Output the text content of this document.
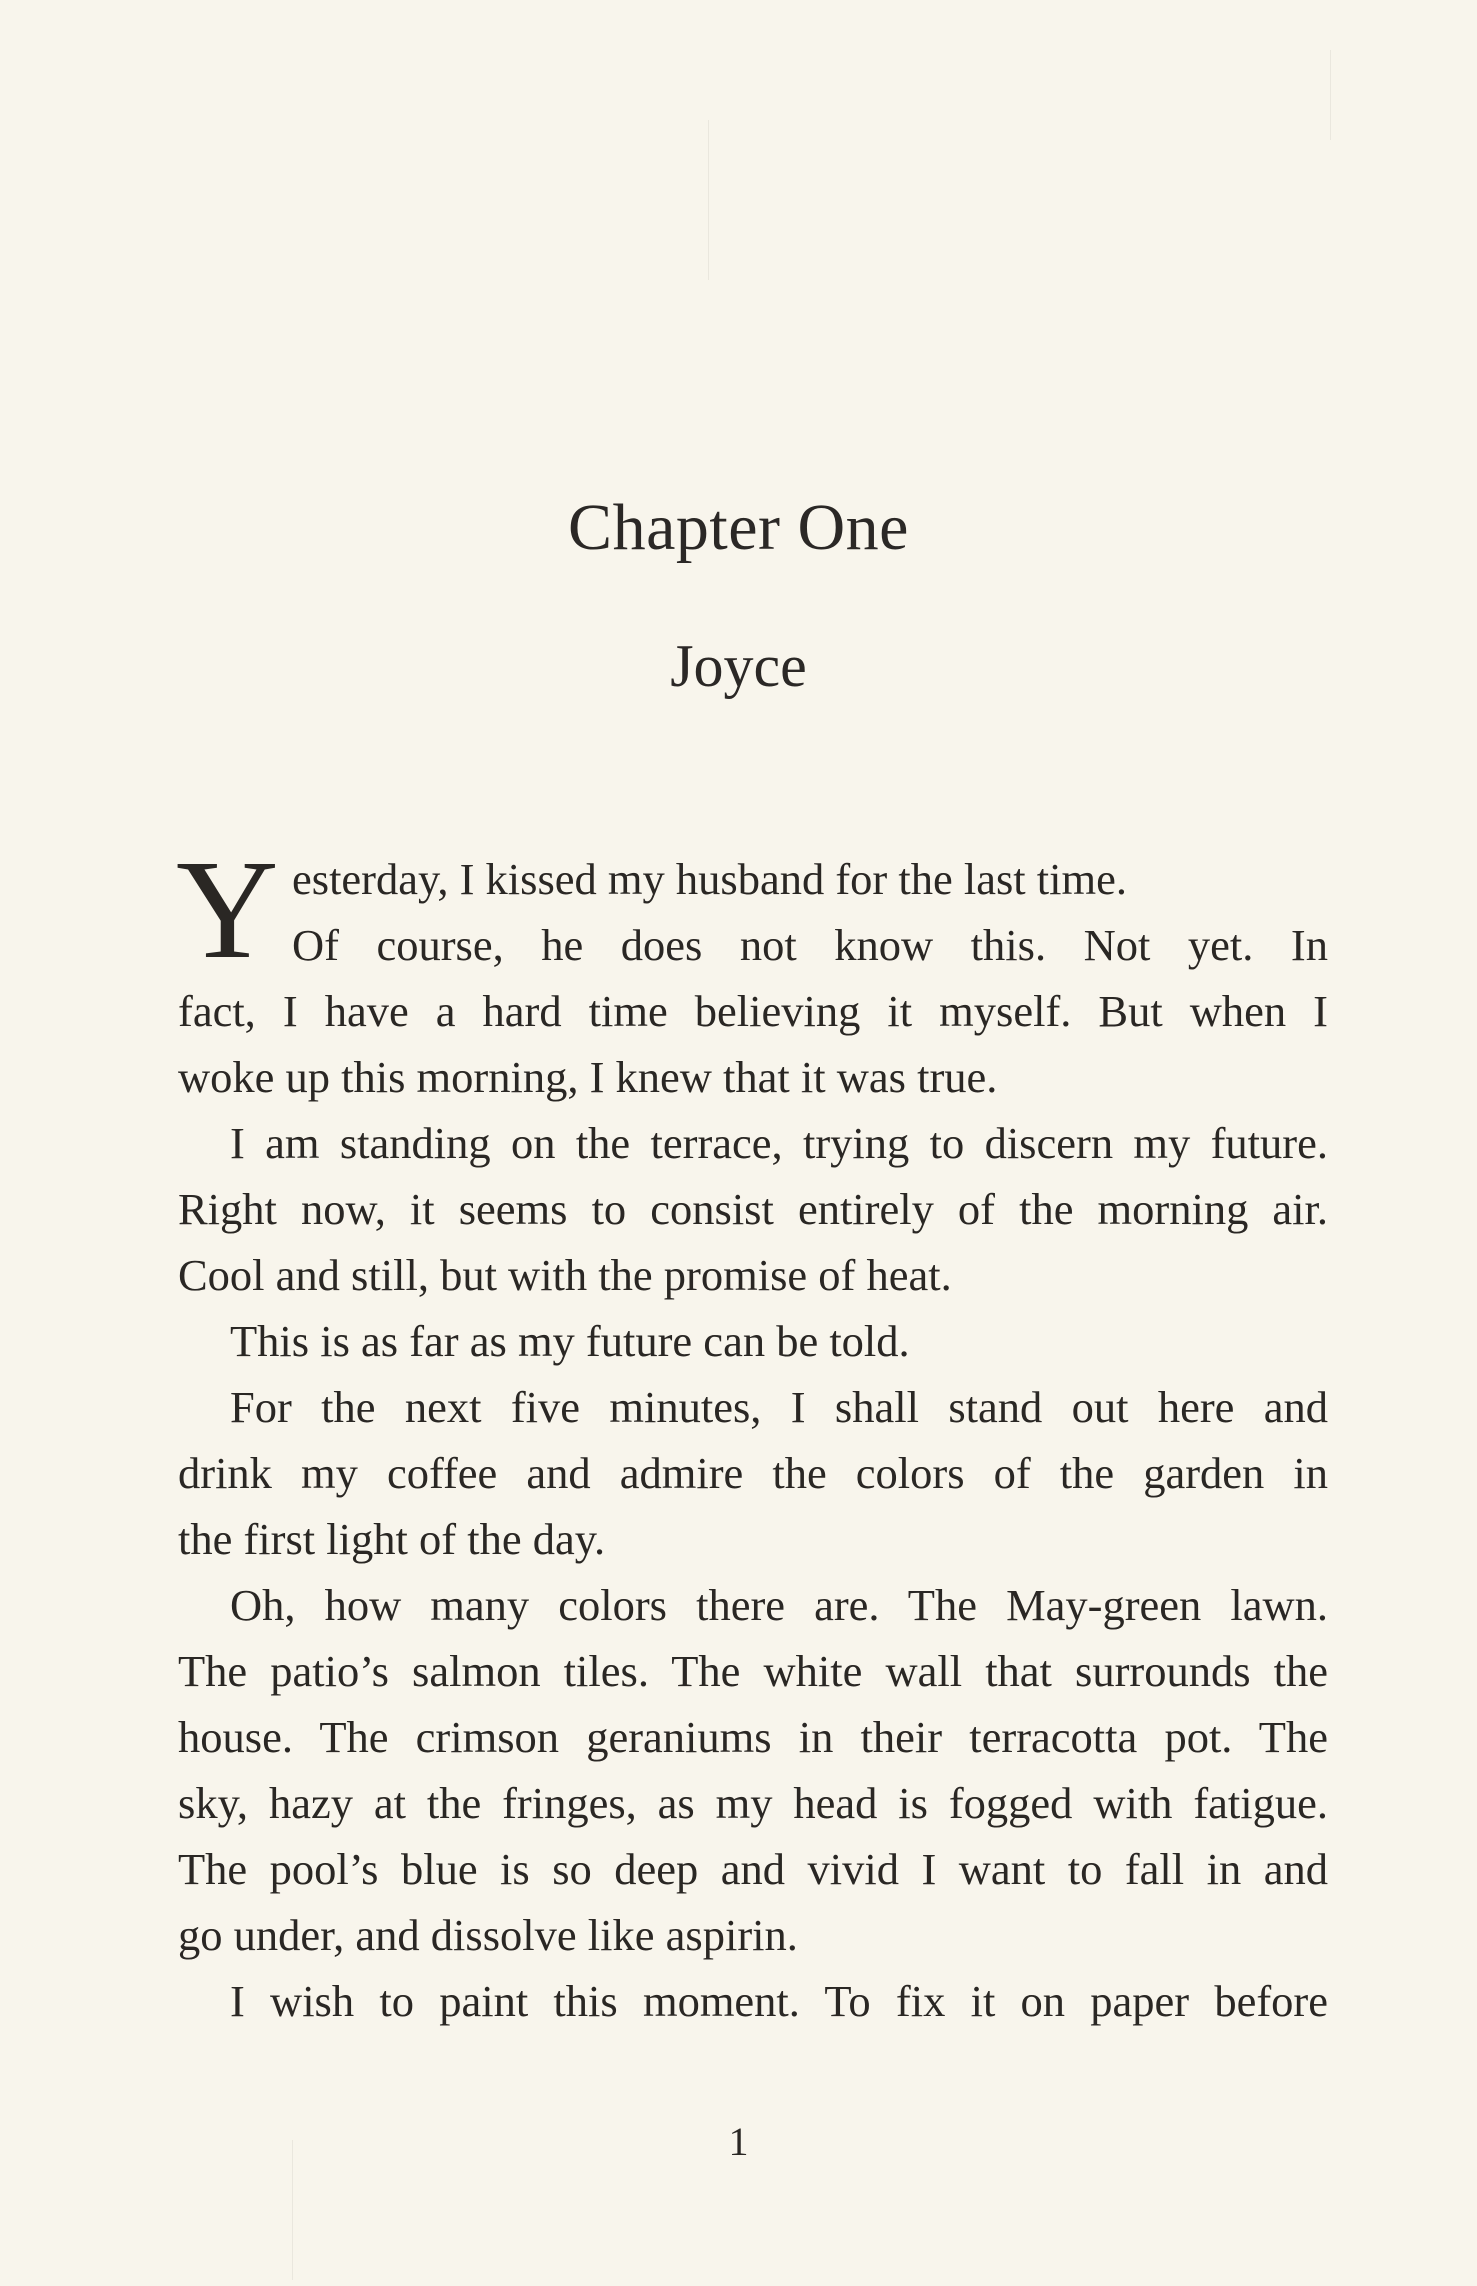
Chapter One
Joyce
Y esterday, I kissed my husband for the last time.
Of course, he does not know this. Not yet. In
fact, I have a hard time believing it myself. But when I
woke up this morning, I knew that it was true.
I am standing on the terrace, trying to discern my future.
Right now, it seems to consist entirely of the morning air.
Cool and still, but with the promise of heat.
This is as far as my future can be told.
For the next five minutes, I shall stand out here and
drink my coffee and admire the colors of the garden in
the first light of the day.
Oh, how many colors there are. The May-green lawn.
The patio’s salmon tiles. The white wall that surrounds the
house. The crimson geraniums in their terracotta pot. The
sky, hazy at the fringes, as my head is fogged with fatigue.
The pool’s blue is so deep and vivid I want to fall in and
go under, and dissolve like aspirin.
I wish to paint this moment. To fix it on paper before
1
